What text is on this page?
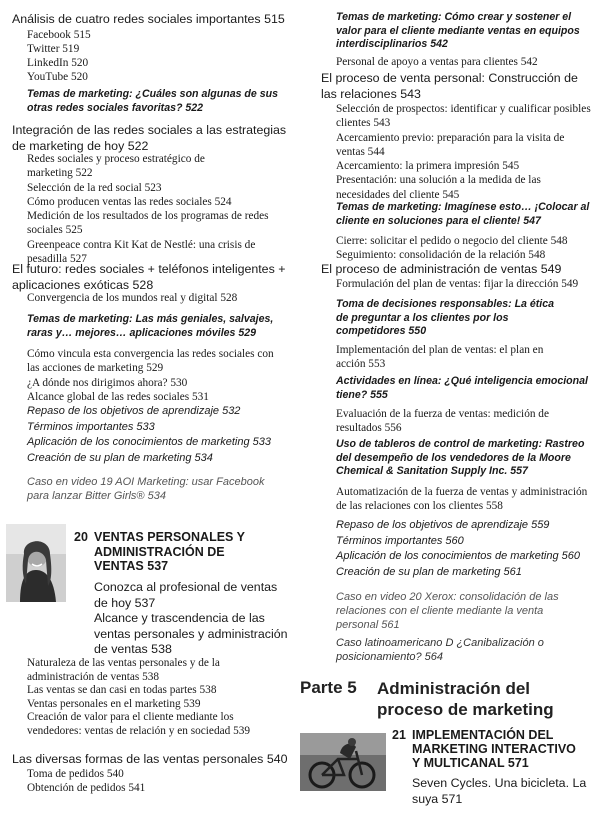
Análisis de cuatro redes sociales importantes 515
Facebook 515
Twitter 519
LinkedIn 520
YouTube 520
Temas de marketing: ¿Cuáles son algunas de sus otras redes sociales favoritas? 522
Integración de las redes sociales a las estrategias de marketing de hoy 522
Redes sociales y proceso estratégico de marketing 522
Selección de la red social 523
Cómo producen ventas las redes sociales 524
Medición de los resultados de los programas de redes sociales 525
Greenpeace contra Kit Kat de Nestlé: una crisis de pesadilla 527
El futuro: redes sociales + teléfonos inteligentes + aplicaciones exóticas 528
Convergencia de los mundos real y digital 528
Temas de marketing: Las más geniales, salvajes, raras y… mejores… aplicaciones móviles 529
Cómo vincula esta convergencia las redes sociales con las acciones de marketing 529
¿A dónde nos dirigimos ahora? 530
Alcance global de las redes sociales 531
Repaso de los objetivos de aprendizaje 532
Términos importantes 533
Aplicación de los conocimientos de marketing 533
Creación de su plan de marketing 534
Caso en video 19 AOI Marketing: usar Facebook para lanzar Bitter Girls® 534
20 VENTAS PERSONALES Y ADMINISTRACIÓN DE VENTAS 537
Conozca al profesional de ventas de hoy 537
Alcance y trascendencia de las ventas personales y administración de ventas 538
Naturaleza de las ventas personales y de la administración de ventas 538
Las ventas se dan casi en todas partes 538
Ventas personales en el marketing 539
Creación de valor para el cliente mediante los vendedores: ventas de relación y en sociedad 539
Las diversas formas de las ventas personales 540
Toma de pedidos 540
Obtención de pedidos 541
Temas de marketing: Cómo crear y sostener el valor para el cliente mediante ventas en equipos interdisciplinarios 542
Personal de apoyo a ventas para clientes 542
El proceso de venta personal: Construcción de las relaciones 543
Selección de prospectos: identificar y cualificar posibles clientes 543
Acercamiento previo: preparación para la visita de ventas 544
Acercamiento: la primera impresión 545
Presentación: una solución a la medida de las necesidades del cliente 545
Temas de marketing: Imagínese esto… ¡Colocar al cliente en soluciones para el cliente! 547
Cierre: solicitar el pedido o negocio del cliente 548
Seguimiento: consolidación de la relación 548
El proceso de administración de ventas 549
Formulación del plan de ventas: fijar la dirección 549
Toma de decisiones responsables: La ética de preguntar a los clientes por los competidores 550
Implementación del plan de ventas: el plan en acción 553
Actividades en línea: ¿Qué inteligencia emocional tiene? 555
Evaluación de la fuerza de ventas: medición de resultados 556
Uso de tableros de control de marketing: Rastreo del desempeño de los vendedores de la Moore Chemical & Sanitation Supply Inc. 557
Automatización de la fuerza de ventas y administración de las relaciones con los clientes 558
Repaso de los objetivos de aprendizaje 559
Términos importantes 560
Aplicación de los conocimientos de marketing 560
Creación de su plan de marketing 561
Caso en video 20 Xerox: consolidación de las relaciones con el cliente mediante la venta personal 561
Caso latinoamericano D ¿Canibalización o posicionamiento? 564
Parte 5 Administración del proceso de marketing
21 IMPLEMENTACIÓN DEL MARKETING INTERACTIVO Y MULTICANAL 571
Seven Cycles. Una bicicleta. La suya 571
